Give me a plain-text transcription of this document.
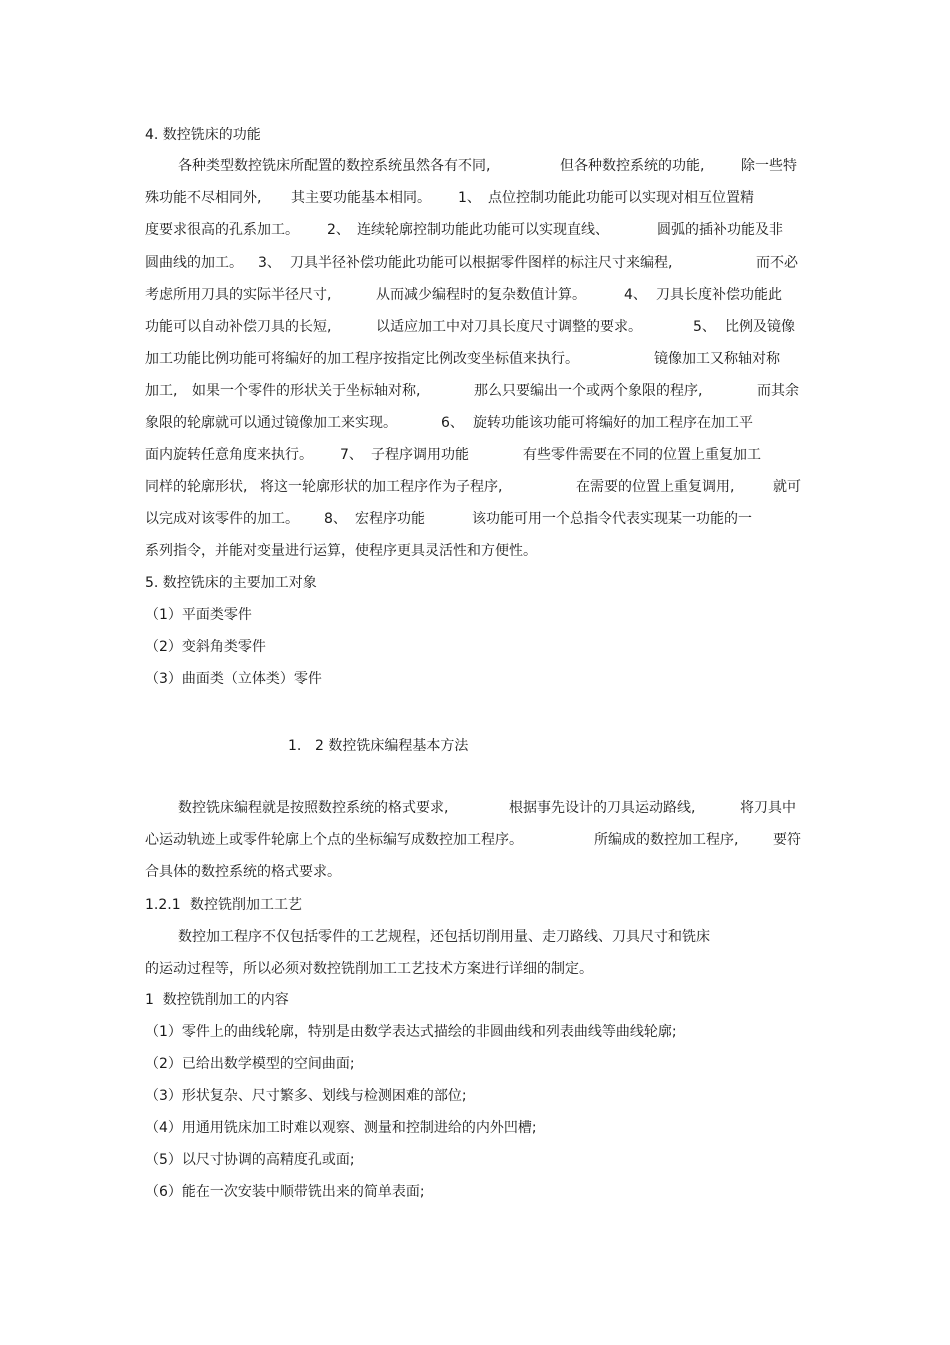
4. 数控铣床的功能

各种类型数控铣床所配置的数控系统虽然各有不同,

	但各种数控系统的功能,

	除一些特

殊功能不尽相同外,

其主要功能基本相同。

1、

点位控制功能此功能可以实现对相互位置精

度要求很高的孔系加工。

2、

连续轮廓控制功能此功能可以实现直线、

	圆弧的插补功能及非

圆曲线的加工。

3、

刀具半径补偿功能此功能可以根据零件图样的标注尺寸来编程,

	而不必

考虑所用刀具的实际半径尺寸,

	从而减少编程时的复杂数值计算。

	4、

刀具长度补偿功能此

功能可以自动补偿刀具的长短,

	以适应加工中对刀具长度尺寸调整的要求。

	5、

比例及镜像

加工功能比例功能可将编好的加工程序按指定比例改变坐标值来执行。

	镜像加工又称轴对称

加工,

如果一个零件的形状关于坐标轴对称,

	那么只要编出一个或两个象限的程序,

	而其余

象限的轮廓就可以通过镜像加工来实现。

	6、

旋转功能该功能可将编好的加工程序在加工平

面内旋转任意角度来执行。

7、

子程序调用功能

	有些零件需要在不同的位置上重复加工

同样的轮廓形状,

将这一轮廓形状的加工程序作为子程序,

	在需要的位置上重复调用,

	就可

以完成对该零件的加工。

8、

宏程序功能

	该功能可用一个总指令代表实现某一功能的一

系列指令，并能对变量进行运算，使程序更具灵活性和方便性。

5. 数控铣床的主要加工对象

（1）平面类零件

（2）变斜角类零件

（3）曲面类（立体类）零件

1.

2 数控铣床编程基本方法

数控铣床编程就是按照数控系统的格式要求,

	根据事先设计的刀具运动路线,

	将刀具中

心运动轨迹上或零件轮廓上个点的坐标编写成数控加工程序。

	所编成的数控加工程序,

要符

合具体的数控系统的格式要求。

1.2.1

数控铣削加工工艺

数控加工程序不仅包括零件的工艺规程，还包括切削用量、走刀路线、刀具尺寸和铣床

的运动过程等，所以必须对数控铣削加工工艺技术方案进行详细的制定。

1  数控铣削加工的内容

（1）零件上的曲线轮廓，特别是由数学表达式描绘的非圆曲线和列表曲线等曲线轮廓;

（2）已给出数学模型的空间曲面;

（3）形状复杂、尺寸繁多、划线与检测困难的部位;

（4）用通用铣床加工时难以观察、测量和控制进给的内外凹槽;

（5）以尺寸协调的高精度孔或面;

（6）能在一次安装中顺带铣出来的简单表面;
